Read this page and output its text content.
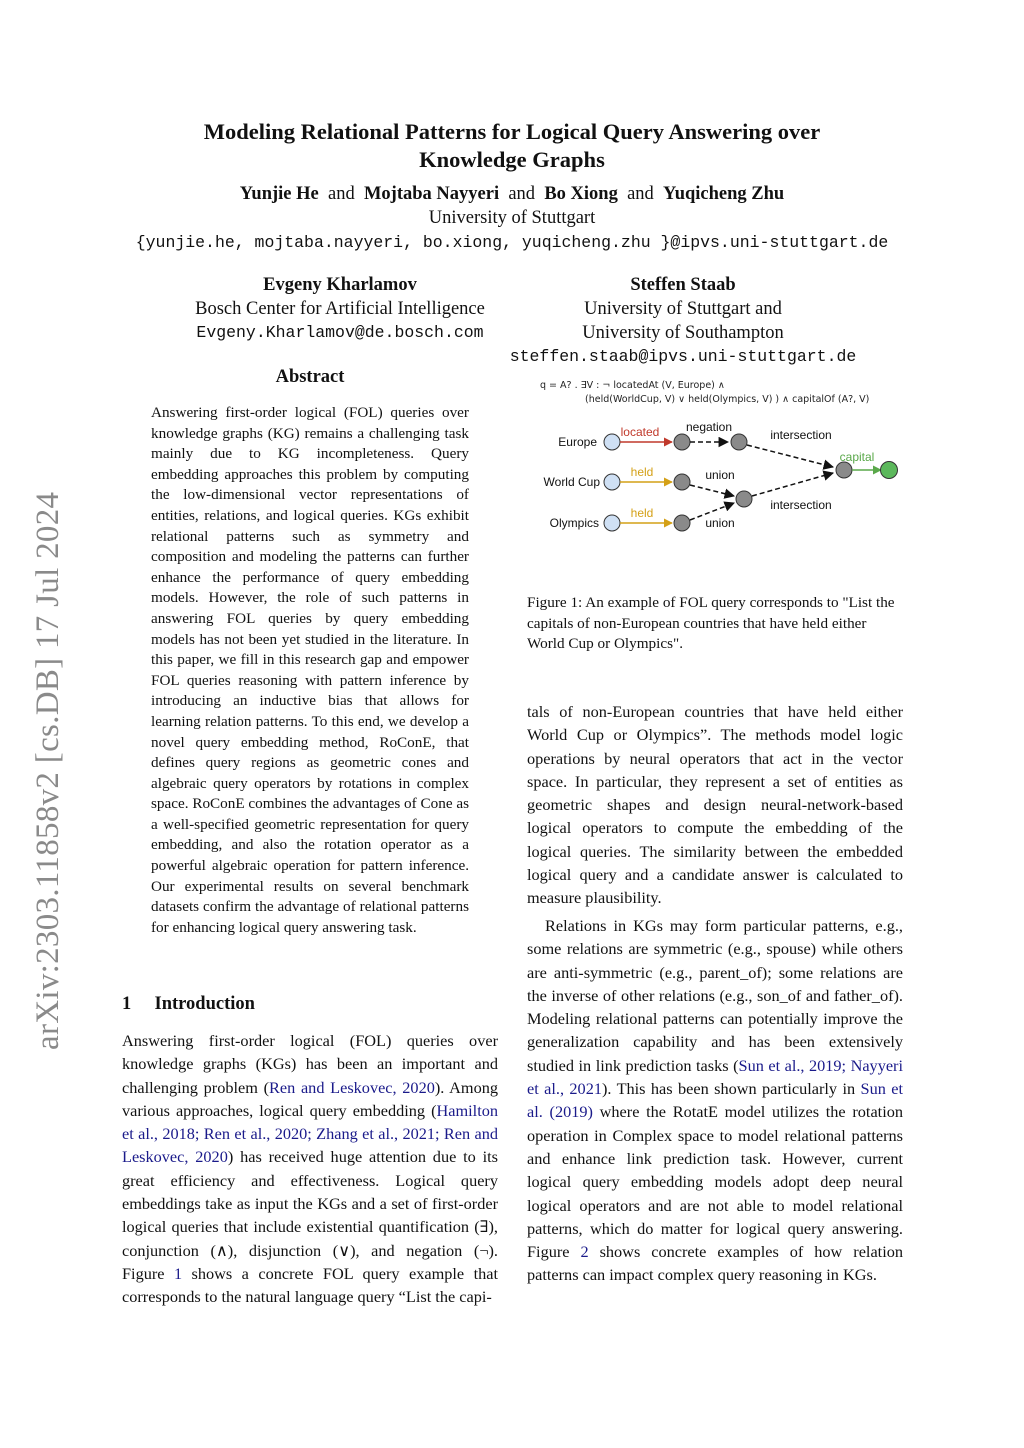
arXiv:2303.11858v2 [cs.DB] 17 Jul 2024
Modeling Relational Patterns for Logical Query Answering over
Knowledge Graphs
Yunjie He and Mojtaba Nayyeri and Bo Xiong and Yuqicheng Zhu
University of Stuttgart
{yunjie.he, mojtaba.nayyeri, bo.xiong, yuqicheng.zhu }@ipvs.uni-stuttgart.de
Evgeny Kharlamov
Bosch Center for Artificial Intelligence
Evgeny.Kharlamov@de.bosch.com
Steffen Staab
University of Stuttgart and
University of Southampton
steffen.staab@ipvs.uni-stuttgart.de
Abstract

Answering first-order logical (FOL) queries over knowledge graphs (KG) remains a challenging task mainly due to KG incompleteness. Query embedding approaches this problem by computing the low-dimensional vector representations of entities, relations, and logical queries. KGs exhibit relational patterns such as symmetry and composition and modeling the patterns can further enhance the performance of query embedding models. However, the role of such patterns in answering FOL queries by query embedding models has not been yet studied in the literature. In this paper, we fill in this research gap and empower FOL queries reasoning with pattern inference by introducing an inductive bias that allows for learning relation patterns. To this end, we develop a novel query embedding method, RoConE, that defines query regions as geometric cones and algebraic query operators by rotations in complex space. RoConE combines the advantages of Cone as a well-specified geometric representation for query embedding, and also the rotation operator as a powerful algebraic operation for pattern inference. Our experimental results on several benchmark datasets confirm the advantage of relational patterns for enhancing logical query answering task.

1 Introduction

Answering first-order logical (FOL) queries over knowledge graphs (KGs) has been an important and challenging problem (Ren and Leskovec, 2020). Among various approaches, logical query embedding (Hamilton et al., 2018; Ren et al., 2020; Zhang et al., 2021; Ren and Leskovec, 2020) has received huge attention due to its great efficiency and effectiveness. Logical query embeddings take as input the KGs and a set of first-order logical queries that include existential quantification (∃), conjunction (∧), disjunction (∨), and negation (¬). Figure 1 shows a concrete FOL query example that corresponds to the natural language query “List the capi-

q = A? . ∃V : ¬ locatedAt (V, Europe) ∧
(held(WorldCup, V) ∨ held(Olympics, V) ) ∧ capitalOf (A?, V)
Europe
World Cup
Olympics
located
held
held
negation
union
union
intersection
intersection
capital
Figure 1: An example of FOL query corresponds to "List the capitals of non-European countries that have held either World Cup or Olympics".

tals of non-European countries that have held either World Cup or Olympics”. The methods model logic operations by neural operators that act in the vector space. In particular, they represent a set of entities as geometric shapes and design neural-network-based logical operators to compute the embedding of the logical queries. The similarity between the embedded logical query and a candidate answer is calculated to measure plausibility.

Relations in KGs may form particular patterns, e.g., some relations are symmetric (e.g., spouse) while others are anti-symmetric (e.g., parent_of); some relations are the inverse of other relations (e.g., son_of and father_of). Modeling relational patterns can potentially improve the generalization capability and has been extensively studied in link prediction tasks (Sun et al., 2019; Nayyeri et al., 2021). This has been shown particularly in Sun et al. (2019) where the RotatE model utilizes the rotation operation in Complex space to model relational patterns and enhance link prediction task. However, current logical query embedding models adopt deep neural logical operators and are not able to model relational patterns, which do matter for logical query answering. Figure 2 shows concrete examples of how relation patterns can impact complex query reasoning in KGs.
